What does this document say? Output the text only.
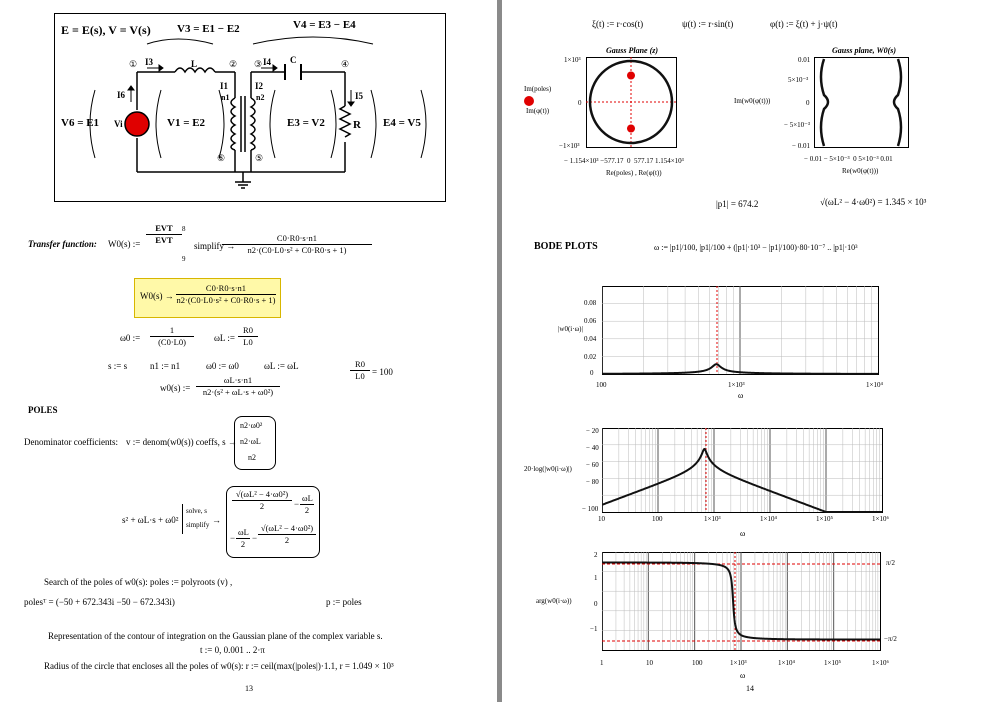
E = E(s), V = V(s) V3 = E1 − E2	V4 = E3 − E4
①	② ③	④
⑥	⑤
I3	I4
I6	I5
I1	I2
n1	n2
L	C
R
Vi
V6 = E1	V1 = E2	E3 = V2	E4 = V5
Transfer function: W0(s) :=
EVT
EVT
8
9
simplify →
$\frac{C0\cdot R0\cdot s\cdot n1}{\text{n2·(C0·L0·s² + C0·R0·s + 1)}}$
$W0(s) \to \frac{C0\cdot R0\cdot s\cdot n1}{\text{n2·(C0·L0·s² + C0·R0·s + 1)}}$
ω0 := $\frac{1}{(C0\cdot L0)}$ ωL := $\frac{R0}{L0}$
s := s	n1 := n1	ω0 := ω0	ωL := ωL	$\frac{R0}{L0} = 100$
w0(s) := $\frac{\omega L\cdot s\cdot n1}{\text{n2·(s² + ωL·s + ω0²)}}$
POLES
Denominator coefficients: v := denom(w0(s)) coeffs, s →
n2·ω0²
n2·ωL
n2
s² + ωL·s + ω0²
solve, s
simplify →
$\frac{\text{√(ωL² − 4·ω0²)}}{2} - \frac{\omega L}{2}$
− $\frac{\omega L}{2} - \frac{\text{√(ωL² − 4·ω0²)}}{2}$
Search of the poles of w0(s): poles := polyroots (v) ,
polesᵀ = (−50 + 672.343i −50 − 672.343i)	p := poles
Representation of the contour of integration on the Gaussian plane of the complex variable s.
t := 0, 0.001 .. 2·π
Radius of the circle that encloses all the poles of w0(s): r := ceil(max(|poles|)·1.1, r = 1.049 × 10³
13
ξ(t) := r·cos(t)	ψ(t) := r·sin(t)	φ(t) := ξ(t) + j·ψ(t)
Gauss Plane (z)
1×10³
0
−1×10³
Im(poles)
Im(φ(t))
− 1.154×10³ −577.17 0 577.17 1.154×10³
Re(poles) , Re(φ(t))
Gauss plane, W0(s)
0.01
5×10⁻³
0
− 5×10⁻³
− 0.01
Im(w0(φ(t)))
− 0.01 − 5×10⁻³ 0 5×10⁻³ 0.01
Re(w0(φ(t)))
|p1| = 674.2	√(ωL² − 4·ω0²) = 1.345 × 10³
BODE PLOTS	ω := |p1|/100, |p1|/100 + (|p1|·10³ − |p1|/100)·80·10⁻⁷ .. |p1|·10³
0.08
0.06
0.04
0.02
0
|w0(i·ω)|
100	1×10³	1×10⁴
ω
− 20
− 40
− 60
− 80
− 100
20·log(|w0(i·ω)|)
10	100	1×10³	1×10⁴	1×10⁵	1×10⁶
ω
2
1
0
−1
π/2
−π/2
arg(w0(i·ω))
1	10	100	1×10³	1×10⁴	1×10⁵	1×10⁶
ω
14
